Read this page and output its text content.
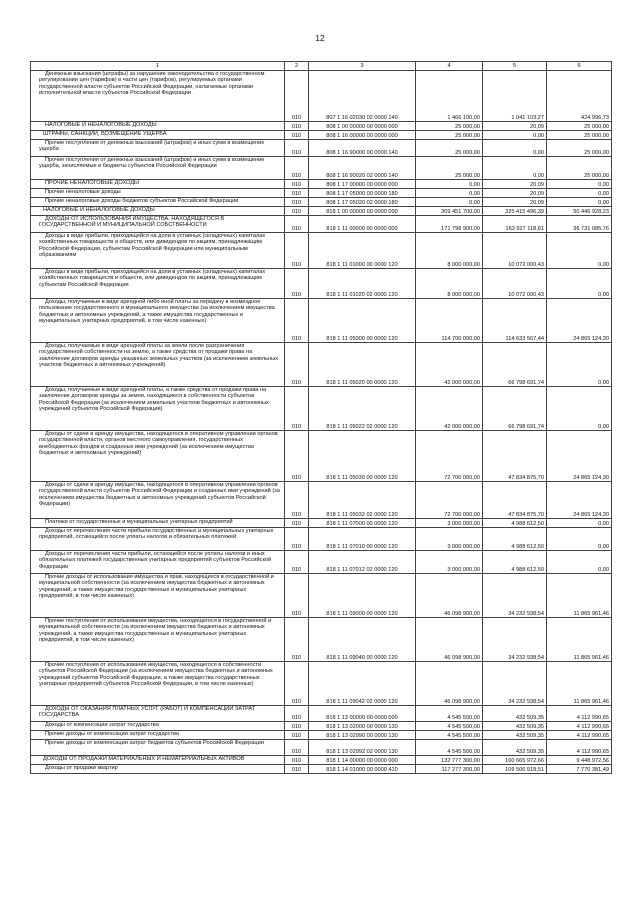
12
1	2	3	4	5	6
Денежные взыскания (штрафы) за нарушение законодательства о государственном регулировании цен (тарифов) в части цен (тарифов), регулируемых органами государственной власти субъектов Российской Федерации, налагаемые органами исполнительной власти субъектов Российской Федерации	010	807 1 16 02030 02 0000 140	1 466 100,00	1 041 103,27	424 996,73
НАЛОГОВЫЕ И НЕНАЛОГОВЫЕ ДОХОДЫ	010	808 1 00 00000 00 0000 000	25 000,00	20,09	25 000,00
ШТРАФЫ, САНКЦИИ, ВОЗМЕЩЕНИЕ УЩЕРБА	010	808 1 16 00000 00 0000 000	25 000,00	0,00	25 000,00
Прочие поступления от денежных взысканий (штрафов) и иных сумм в возмещение ущерба	010	808 1 16 90000 00 0000 140	25 000,00	0,00	25 000,00
Прочие поступления от денежных взысканий (штрафов) и иных сумм в возмещение ущерба, зачисляемые в бюджеты субъектов Российской Федерации	010	808 1 16 90020 02 0000 140	25 000,00	0,00	25 000,00
ПРОЧИЕ НЕНАЛОГОВЫЕ ДОХОДЫ	010	808 1 17 00000 00 0000 000	0,00	20,09	0,00
Прочие неналоговые доходы	010	808 1 17 05000 00 0000 180	0,00	20,09	0,00
Прочие неналоговые доходы бюджетов субъектов Российской Федерации	010	808 1 17 05020 02 0000 180	0,00	20,09	0,00
НАЛОГОВЫЕ И НЕНАЛОГОВЫЕ ДОХОДЫ	010	818 1 00 00000 00 0000 000	309 451 700,00	325 415 496,39	50 446 928,23
ДОХОДЫ ОТ ИСПОЛЬЗОВАНИЯ ИМУЩЕСТВА, НАХОДЯЩЕГОСЯ В ГОСУДАРСТВЕННОЙ И МУНИЦИПАЛЬНОЙ СОБСТВЕННОСТИ	010	818 1 11 00000 00 0000 000	171 798 900,00	163 927 118,61	36 731 085,76
Доходы в виде прибыли, приходящейся на доли в уставных (складочных) капиталах хозяйственных товариществ и обществ, или дивидендов по акциям, принадлежащим Российской Федерации, субъектам Российской Федерации или муниципальным образованиям	010	818 1 11 01000 00 0000 120	8 000 000,00	10 072 000,43	0,00
Доходы в виде прибыли, приходящейся на доли в уставных (складочных) капиталах хозяйственных товариществ и обществ, или дивидендов по акциям, принадлежащим субъектам Российской Федерации	010	818 1 11 01020 02 0000 120	8 000 000,00	10 072 000,43	0,00
Доходы, получаемые в виде арендной либо иной платы за передачу в возмездное пользование государственного и муниципального имущества (за исключением имущества бюджетных и автономных учреждений, а также имущества государственных и муниципальных унитарных предприятий, в том числе казенных)	010	818 1 11 05000 00 0000 120	114 700 000,00	114 633 567,44	24 865 124,30
Доходы, получаемые в виде арендной платы за земли после разграничения государственной собственности на землю, а также средства от продажи права на заключение договоров аренды указанных земельных участков (за исключением земельных участков бюджетных и автономных учреждений)	010	818 1 11 05020 00 0000 120	42 000 000,00	66 798 691,74	0,00
Доходы, получаемые в виде арендной платы, а также средства от продажи права на заключение договоров аренды за земли, находящиеся в собственности субъектов Российской Федерации (за исключением земельных участков бюджетных и автономных учреждений субъектов Российской Федерации)	010	818 1 11 05022 02 0000 120	42 000 000,00	66 798 691,74	0,00
Доходы от сдачи в аренду имущества, находящегося в оперативном управлении органов государственной власти, органов местного самоуправления, государственных внебюджетных фондов и созданных ими учреждений (за исключением имущества бюджетных и автономных учреждений)	010	818 1 11 05030 00 0000 120	72 700 000,00	47 834 875,70	24 865 124,30
Доходы от сдачи в аренду имущества, находящегося в оперативном управлении органов государственной власти субъектов Российской Федерации и созданных ими учреждений (за исключением имущества бюджетных и автономных учреждений субъектов Российской Федерации)	010	818 1 11 05032 02 0000 120	72 700 000,00	47 834 875,70	24 865 124,30
Платежи от государственных и муниципальных унитарных предприятий	010	818 1 11 07000 00 0000 120	3 000 000,00	4 988 612,50	0,00
Доходы от перечисления части прибыли государственных и муниципальных унитарных предприятий, остающейся после уплаты налогов и обязательных платежей	010	818 1 11 07010 00 0000 120	3 000 000,00	4 988 612,50	0,00
Доходы от перечисления части прибыли, остающейся после уплаты налогов и иных обязательных платежей государственных унитарных предприятий субъектов Российской Федерации	010	818 1 11 07012 02 0000 120	3 000 000,00	4 988 612,50	0,00
Прочие доходы от использования имущества и прав, находящихся в государственной и муниципальной собственности (за исключением имущества бюджетных и автономных учреждений, а также имущества государственных и муниципальных унитарных предприятий, в том числе казенных)	010	818 1 11 09000 00 0000 120	46 098 900,00	34 232 938,54	11 865 961,46
Прочие поступления от использования имущества, находящегося в государственной и муниципальной собственности (за исключением имущества бюджетных и автономных учреждений, а также имущества государственных и муниципальных унитарных предприятий, в том числе казенных)	010	818 1 11 09040 00 0000 120	46 098 900,00	34 232 938,54	11 865 961,46
Прочие поступления от использования имущества, находящегося в собственности субъектов Российской Федерации (за исключением имущества бюджетных и автономных учреждений субъектов Российской Федерации, а также имущества государственных унитарных предприятий субъектов Российской Федерации, в том числе казенных)	010	818 1 11 09042 02 0000 120	46 098 900,00	34 232 938,54	11 865 961,46
ДОХОДЫ ОТ ОКАЗАНИЯ ПЛАТНЫХ УСЛУГ (РАБОТ) И КОМПЕНСАЦИИ ЗАТРАТ ГОСУДАРСТВА	010	818 1 13 00000 00 0000 000	4 545 500,00	432 509,35	4 112 990,65
Доходы от компенсации затрат государства	010	818 1 13 02000 00 0000 130	4 545 500,00	432 509,35	4 112 990,65
Прочие доходы от компенсации затрат государства	010	818 1 13 02990 00 0000 130	4 545 500,00	432 509,35	4 112 990,65
Прочие доходы от компенсации затрат бюджетов субъектов Российской Федерации	010	818 1 13 02992 02 0000 130	4 545 500,00	432 509,35	4 112 990,65
ДОХОДЫ ОТ ПРОДАЖИ МАТЕРИАЛЬНЫХ И НЕМАТЕРИАЛЬНЫХ АКТИВОВ	010	818 1 14 00000 00 0000 000	132 777 300,00	160 665 972,66	9 448 972,56
Доходы от продажи квартир	010	818 1 14 01000 00 0000 410	117 277 300,00	109 506 918,51	7 770 381,49
